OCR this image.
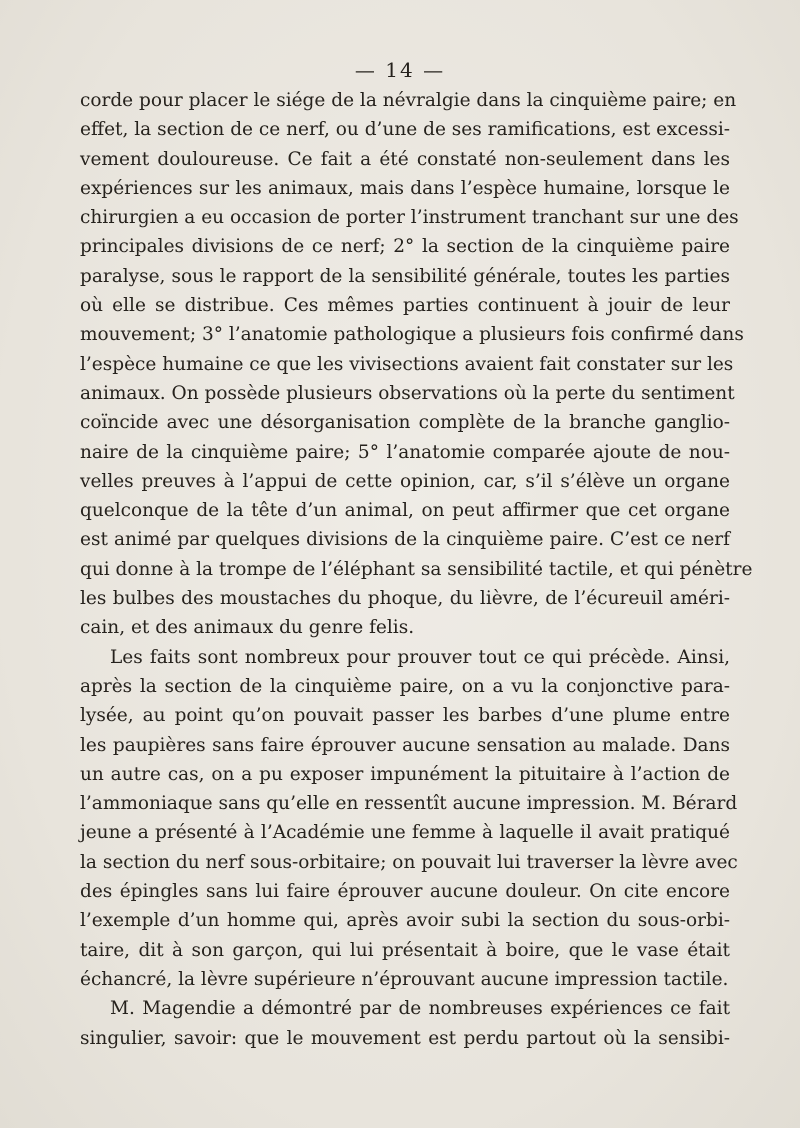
— 14 —
corde pour placer le siége de la névralgie dans la cinquième paire; en
effet, la section de ce nerf, ou d’une de ses ramifications, est excessi-
vement douloureuse. Ce fait a été constaté non-seulement dans les
expériences sur les animaux, mais dans l’espèce humaine, lorsque le
chirurgien a eu occasion de porter l’instrument tranchant sur une des
principales divisions de ce nerf; 2° la section de la cinquième paire
paralyse, sous le rapport de la sensibilité générale, toutes les parties
où elle se distribue. Ces mêmes parties continuent à jouir de leur
mouvement; 3° l’anatomie pathologique a plusieurs fois confirmé dans
l’espèce humaine ce que les vivisections avaient fait constater sur les
animaux. On possède plusieurs observations où la perte du sentiment
coïncide avec une désorganisation complète de la branche ganglio-
naire de la cinquième paire; 5° l’anatomie comparée ajoute de nou-
velles preuves à l’appui de cette opinion, car, s’il s’élève un organe
quelconque de la tête d’un animal, on peut affirmer que cet organe
est animé par quelques divisions de la cinquième paire. C’est ce nerf
qui donne à la trompe de l’éléphant sa sensibilité tactile, et qui pénètre
les bulbes des moustaches du phoque, du lièvre, de l’écureuil améri-
cain, et des animaux du genre felis.
Les faits sont nombreux pour prouver tout ce qui précède. Ainsi,
après la section de la cinquième paire, on a vu la conjonctive para-
lysée, au point qu’on pouvait passer les barbes d’une plume entre
les paupières sans faire éprouver aucune sensation au malade. Dans
un autre cas, on a pu exposer impunément la pituitaire à l’action de
l’ammoniaque sans qu’elle en ressentît aucune impression. M. Bérard
jeune a présenté à l’Académie une femme à laquelle il avait pratiqué
la section du nerf sous-orbitaire; on pouvait lui traverser la lèvre avec
des épingles sans lui faire éprouver aucune douleur. On cite encore
l’exemple d’un homme qui, après avoir subi la section du sous-orbi-
taire, dit à son garçon, qui lui présentait à boire, que le vase était
échancré, la lèvre supérieure n’éprouvant aucune impression tactile.
M. Magendie a démontré par de nombreuses expériences ce fait
singulier, savoir: que le mouvement est perdu partout où la sensibi-
